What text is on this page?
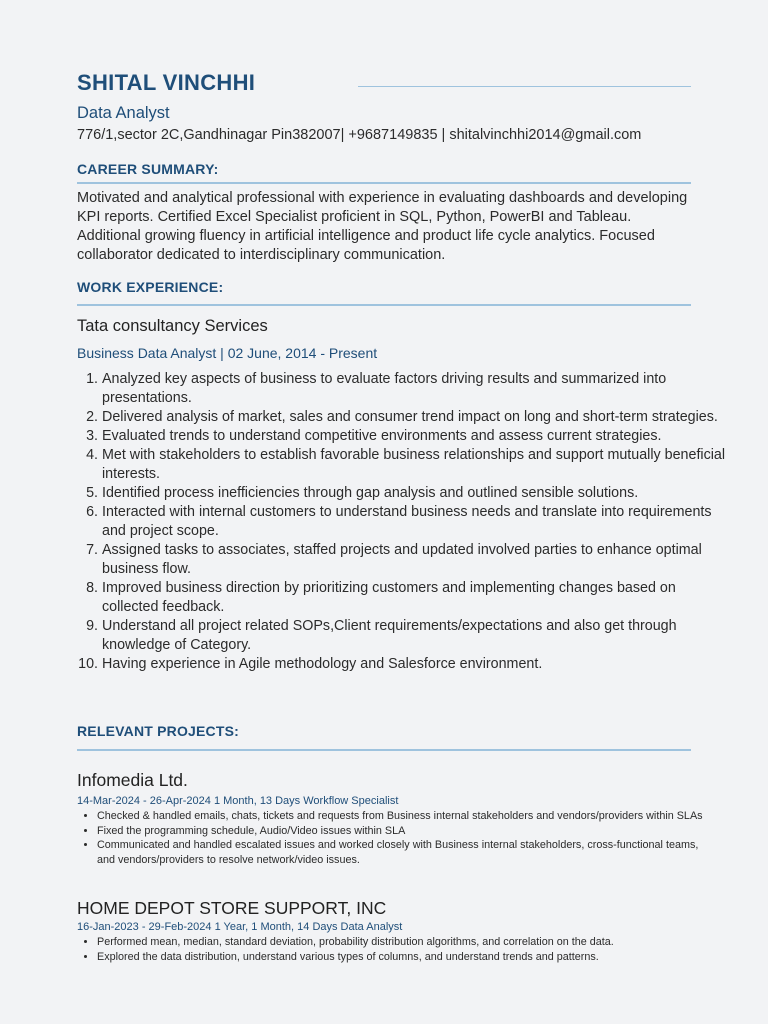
SHITAL VINCHHI
Data Analyst
776/1,sector 2C,Gandhinagar Pin382007| +9687149835 | shitalvinchhi2014@gmail.com
CAREER SUMMARY:

Motivated and analytical professional with experience in evaluating dashboards and developing KPI reports. Certified Excel Specialist proficient in SQL, Python, PowerBI and Tableau. Additional growing fluency in artificial intelligence and product life cycle analytics. Focused collaborator dedicated to interdisciplinary communication.

WORK EXPERIENCE:
Tata consultancy Services
Business Data Analyst | 02 June, 2014 - Present
1. Analyzed key aspects of business to evaluate factors driving results and summarized into presentations.
2. Delivered analysis of market, sales and consumer trend impact on long and short-term strategies.
3. Evaluated trends to understand competitive environments and assess current strategies.
4. Met with stakeholders to establish favorable business relationships and support mutually beneficial interests.
5. Identified process inefficiencies through gap analysis and outlined sensible solutions.
6. Interacted with internal customers to understand business needs and translate into requirements and project scope.
7. Assigned tasks to associates, staffed projects and updated involved parties to enhance optimal business flow.
8. Improved business direction by prioritizing customers and implementing changes based on collected feedback.
9. Understand all project related SOPs,Client requirements/expectations and also get through knowledge of Category.
10. Having experience in Agile methodology and Salesforce environment.
RELEVANT PROJECTS:
Infomedia Ltd.
14-Mar-2024 - 26-Apr-2024 1 Month, 13 Days Workflow Specialist
• Checked & handled emails, chats, tickets and requests from Business internal stakeholders and vendors/providers within SLAs
• Fixed the programming schedule, Audio/Video issues within SLA
• Communicated and handled escalated issues and worked closely with Business internal stakeholders, cross-functional teams, and vendors/providers to resolve network/video issues.
HOME DEPOT STORE SUPPORT, INC
16-Jan-2023 - 29-Feb-2024 1 Year, 1 Month, 14 Days Data Analyst
• Performed mean, median, standard deviation, probability distribution algorithms, and correlation on the data.
• Explored the data distribution, understand various types of columns, and understand trends and patterns.
